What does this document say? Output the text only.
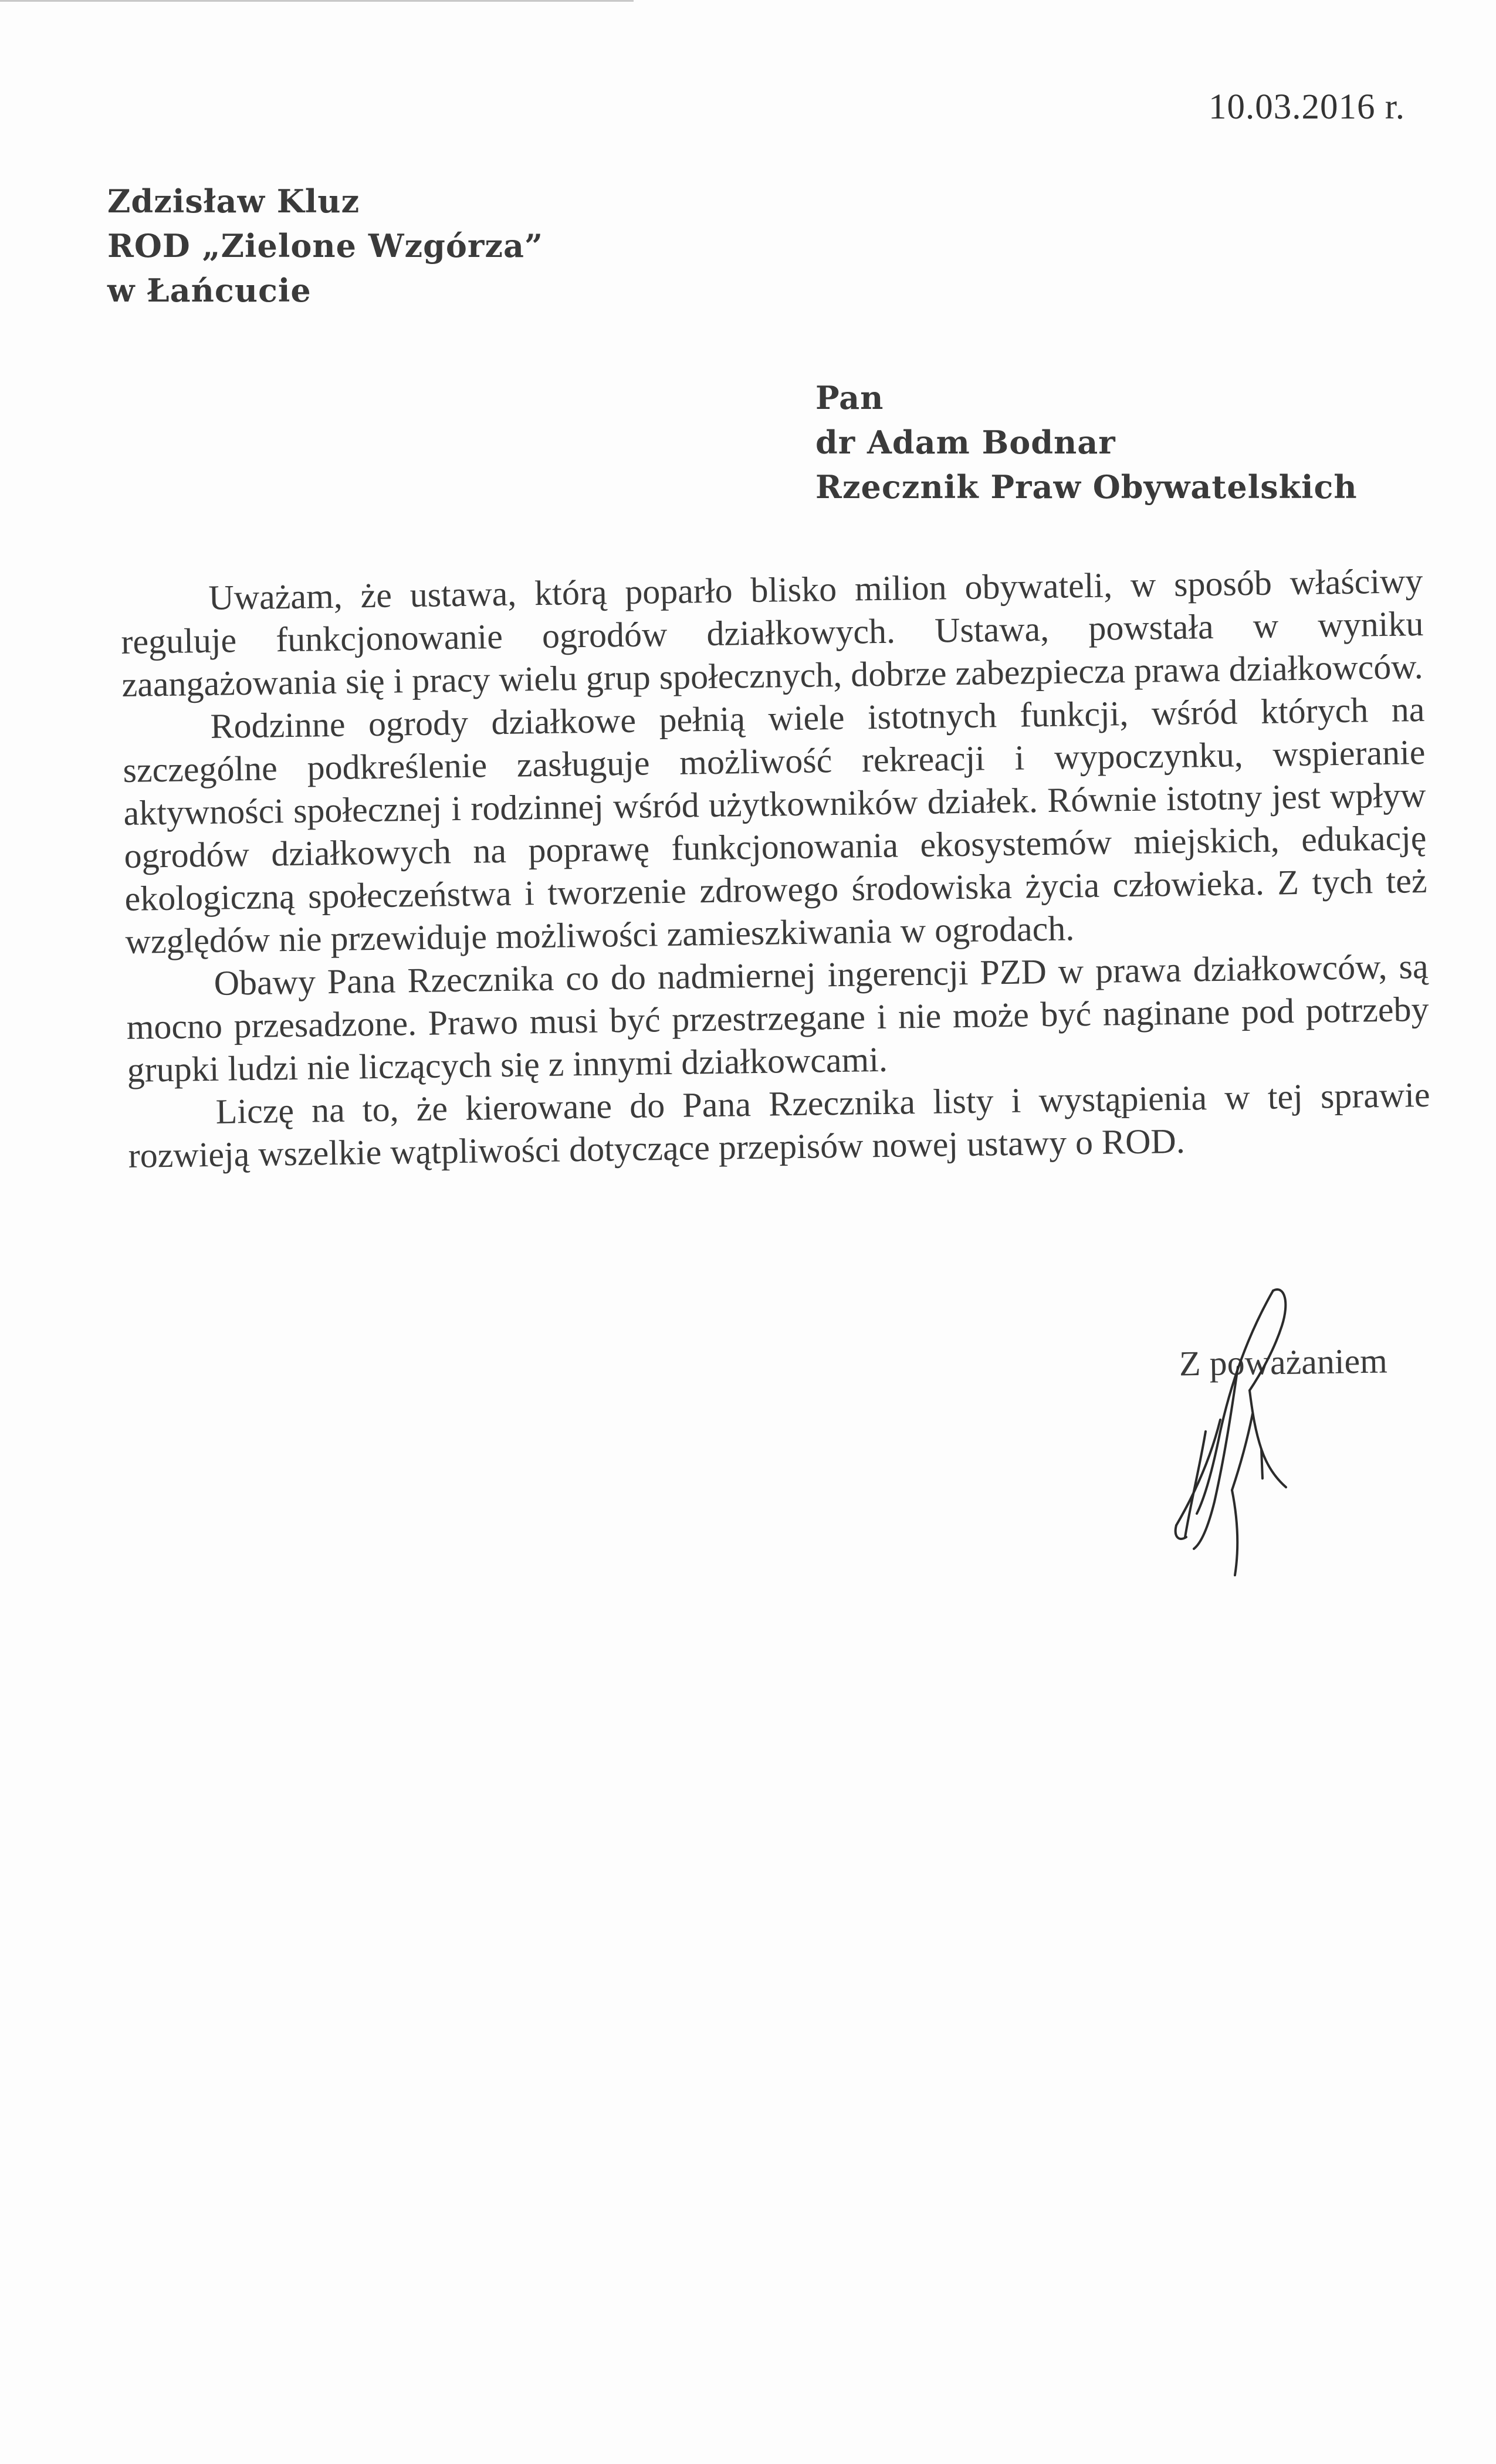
10.03.2016 r.
Zdzisław Kluz
ROD „Zielone Wzgórza”
w Łańcucie
Pan
dr Adam Bodnar
Rzecznik Praw Obywatelskich

Uważam, że ustawa, którą poparło blisko milion obywateli, w sposób właściwy reguluje funkcjonowanie ogrodów działkowych. Ustawa, powstała w wyniku zaangażowania się i pracy wielu grup społecznych, dobrze zabezpiecza prawa działkowców.

Rodzinne ogrody działkowe pełnią wiele istotnych funkcji, wśród których na szczególne podkreślenie zasługuje możliwość rekreacji i wypoczynku, wspieranie aktywności społecznej i rodzinnej wśród użytkowników działek. Równie istotny jest wpływ ogrodów działkowych na poprawę funkcjonowania ekosystemów miejskich, edukację ekologiczną społeczeństwa i tworzenie zdrowego środowiska życia człowieka. Z tych też względów nie przewiduje możliwości zamieszkiwania w ogrodach.

Obawy Pana Rzecznika co do nadmiernej ingerencji PZD w prawa działkowców, są mocno przesadzone. Prawo musi być przestrzegane i nie może być naginane pod potrzeby grupki ludzi nie liczących się z innymi działkowcami.

Liczę na to, że kierowane do Pana Rzecznika listy i wystąpienia w tej sprawie rozwieją wszelkie wątpliwości dotyczące przepisów nowej ustawy o ROD.

Z poważaniem
